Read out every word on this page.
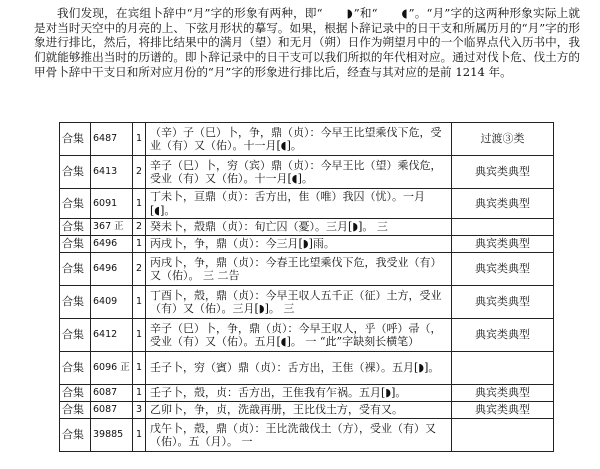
我们发现，在宾组卜辞中“月”字的形象有两种，即“ ◗”和“ ◖”。“月”字的这两种形象实际上就是对当时天空中的月亮的上、下弦月形状的摹写。如果，根据卜辞记录中的日干支和所属历月的“月”字的形象进行排比，然后，将排比结果中的满月（望）和无月（朔）日作为朔望月中的一个临界点代入历书中，我们就能够推出当时的历谱的。即卜辞记录中的日干支可以我们所拟的年代相对应。通过对伐卜危、伐土方的甲骨卜辞中干支日和所对应月份的“月”字的形象进行排比后，经查与其对应的是前 1214 年。

合集	6487	1	（辛）子（巳）卜，争，鼎（贞）：今早王比望乘伐下危，受业（有）又（佑）。十一月[◖]。	过渡③类
合集	6413	2	辛子（巳）卜，穷（宾）鼎（贞）：今早王比（望）乘伐危，受业（有）又（佑）。十一月[◖]。	典宾类典型
合集	6091	1	丁未卜，亘鼎（贞）：舌方出，隹（唯）我囚（忧）。一月[◖]。	典宾类典型
合集	367 正	2	癸未卜，殻鼎（贞）：旬亡囚（憂）。三月[◗]。 三	
合集	6496	1	丙戌卜，争，鼎（贞）：今三月[◗]雨。	典宾类典型
合集	6496	2	丙戌卜，争，鼎（贞）：今春王比望乘伐下危，我受业（有）又（佑）。 三 二告	典宾类典型
合集	6409	1	丁酉卜，殻，鼎（贞）：今早王収人五千正（征）土方，受业（有）又（佑）。三月[◗]。 三	典宾类典型
合集	6412	1	辛子（巳）卜，争，鼎（贞）：今早王収人，乎（呼）帚（，受业（有）又（佑）。五月[◖]。 一 “此”字缺刻长横笔）	典宾类典型
合集	6096 正	1	壬子卜，穷（賓）鼎（贞）：舌方出，王隹（裸）。五月[◗]。	
合集	6087	1	壬子卜，殻，贞：舌方出，王隹我有乍祸。五月[◗]。	典宾类典型
合集	6087	3	乙卯卜，争，贞，洗戠再册，王比伐土方，受有又。	典宾类典型
合集	39885	1	戊午卜，殻，鼎（贞）：王比洗戠伐土（方），受业（有）又（佑）。五（月）。 一	
